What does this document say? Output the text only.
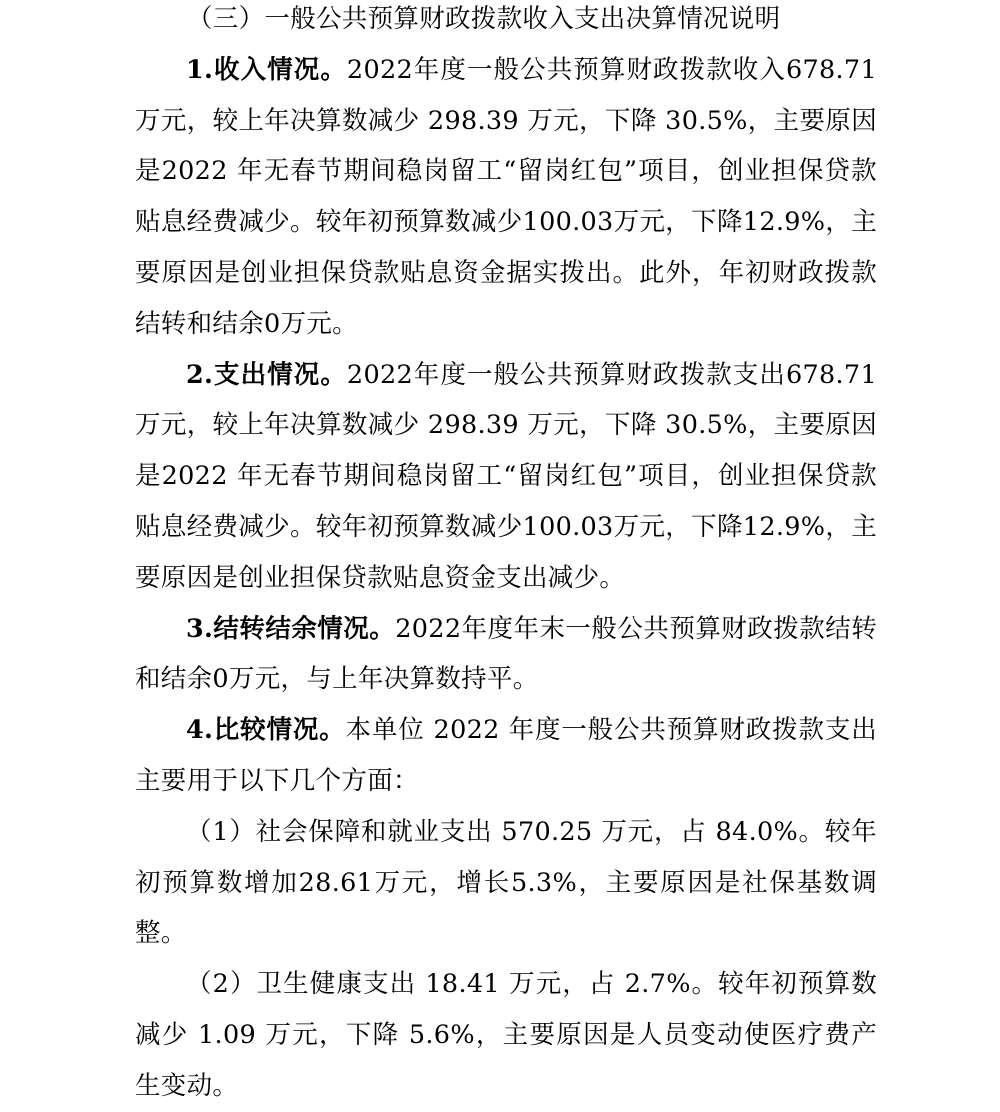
（三）一般公共预算财政拨款收入支出决算情况说明

1.收入情况。2022年度一般公共预算财政拨款收入678.71万元，较上年决算数减少 298.39 万元，下降 30.5%，主要原因是2022 年无春节期间稳岗留工“留岗红包”项目，创业担保贷款贴息经费减少。较年初预算数减少100.03万元，下降12.9%，主要原因是创业担保贷款贴息资金据实拨出。此外，年初财政拨款结转和结余0万元。

2.支出情况。2022年度一般公共预算财政拨款支出678.71万元，较上年决算数减少 298.39 万元，下降 30.5%，主要原因是2022 年无春节期间稳岗留工“留岗红包”项目，创业担保贷款贴息经费减少。较年初预算数减少100.03万元，下降12.9%，主要原因是创业担保贷款贴息资金支出减少。

3.结转结余情况。2022年度年末一般公共预算财政拨款结转和结余0万元，与上年决算数持平。

4.比较情况。本单位 2022 年度一般公共预算财政拨款支出主要用于以下几个方面：

（1）社会保障和就业支出 570.25 万元，占 84.0%。较年初预算数增加28.61万元，增长5.3%，主要原因是社保基数调整。

（2）卫生健康支出 18.41 万元，占 2.7%。较年初预算数减少 1.09 万元，下降 5.6%，主要原因是人员变动使医疗费产生变动。
